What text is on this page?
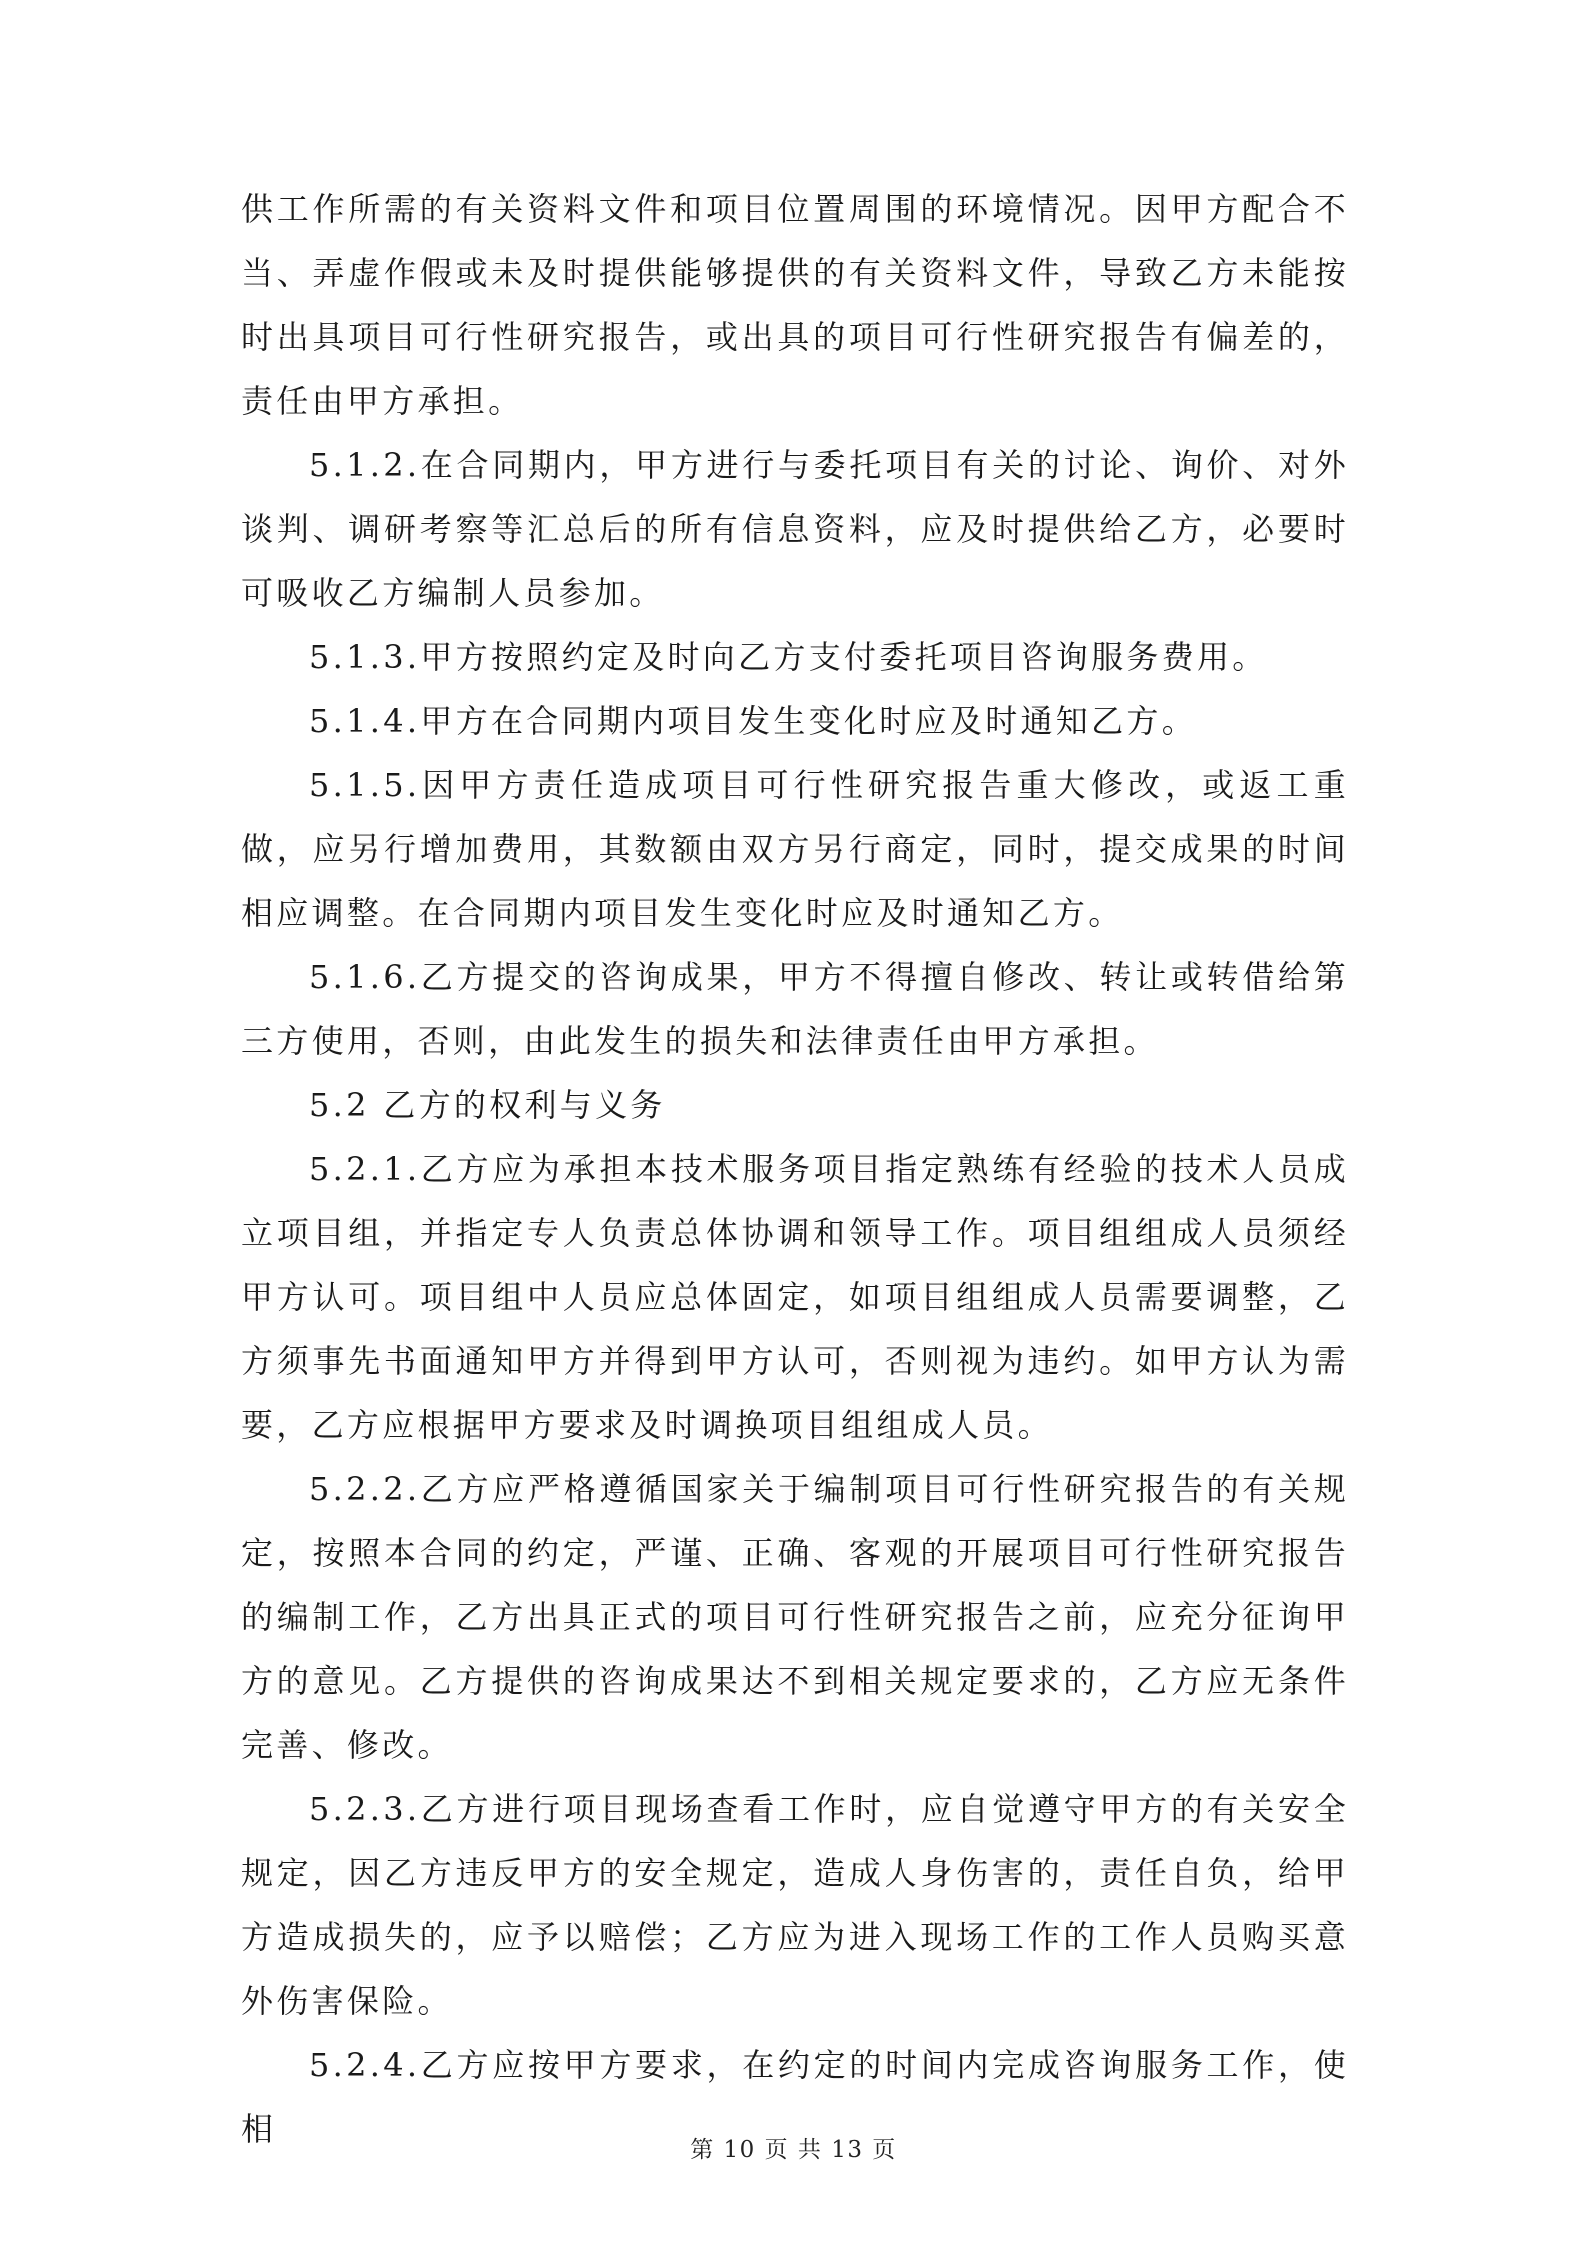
供工作所需的有关资料文件和项目位置周围的环境情况。因甲方配合不当、弄虚作假或未及时提供能够提供的有关资料文件，导致乙方未能按时出具项目可行性研究报告，或出具的项目可行性研究报告有偏差的，责任由甲方承担。

5.1.2.在合同期内，甲方进行与委托项目有关的讨论、询价、对外谈判、调研考察等汇总后的所有信息资料，应及时提供给乙方，必要时可吸收乙方编制人员参加。

5.1.3.甲方按照约定及时向乙方支付委托项目咨询服务费用。

5.1.4.甲方在合同期内项目发生变化时应及时通知乙方。

5.1.5.因甲方责任造成项目可行性研究报告重大修改，或返工重做，应另行增加费用，其数额由双方另行商定，同时，提交成果的时间相应调整。在合同期内项目发生变化时应及时通知乙方。

5.1.6.乙方提交的咨询成果，甲方不得擅自修改、转让或转借给第三方使用，否则，由此发生的损失和法律责任由甲方承担。

5.2 乙方的权利与义务

5.2.1.乙方应为承担本技术服务项目指定熟练有经验的技术人员成立项目组，并指定专人负责总体协调和领导工作。项目组组成人员须经甲方认可。项目组中人员应总体固定，如项目组组成人员需要调整，乙方须事先书面通知甲方并得到甲方认可，否则视为违约。如甲方认为需要，乙方应根据甲方要求及时调换项目组组成人员。

5.2.2.乙方应严格遵循国家关于编制项目可行性研究报告的有关规定，按照本合同的约定，严谨、正确、客观的开展项目可行性研究报告的编制工作，乙方出具正式的项目可行性研究报告之前，应充分征询甲方的意见。乙方提供的咨询成果达不到相关规定要求的，乙方应无条件完善、修改。

5.2.3.乙方进行项目现场查看工作时，应自觉遵守甲方的有关安全规定，因乙方违反甲方的安全规定，造成人身伤害的，责任自负，给甲方造成损失的，应予以赔偿；乙方应为进入现场工作的工作人员购买意外伤害保险。

5.2.4.乙方应按甲方要求，在约定的时间内完成咨询服务工作，使相

第 10 页 共 13 页
